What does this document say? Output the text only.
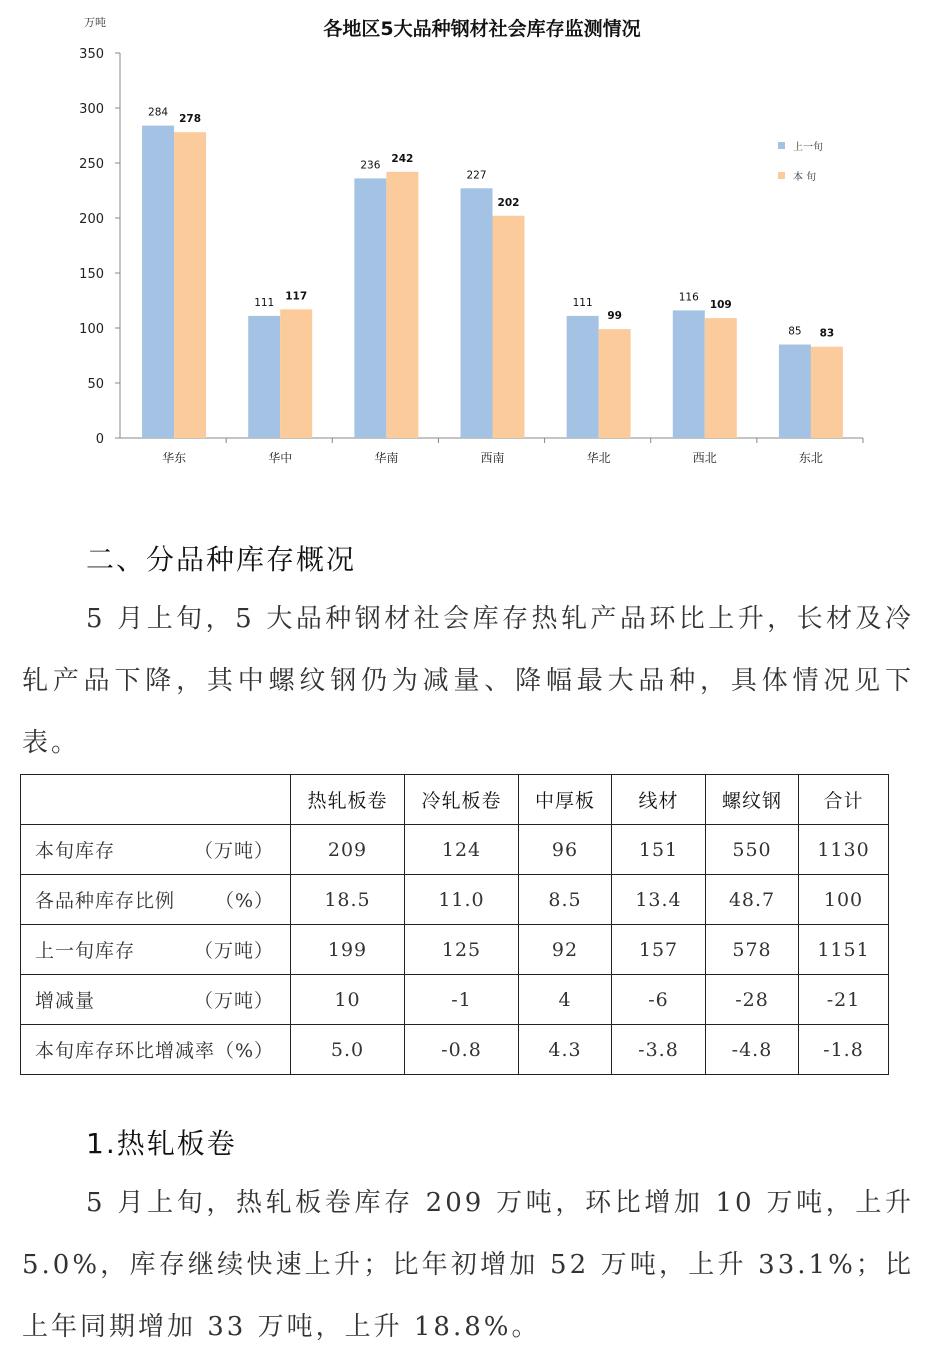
各地区5大品种钢材社会库存监测情况
万吨
0
50
100
150
200
250
300
350
284
278
华东
111
117
华中
236
242
华南
227
202
西南
111
99
华北
116
109
西北
85 83
东北
上一旬
本 旬
二、分品种库存概况
5 月上旬，5 大品种钢材社会库存热轧产品环比上升，长材及冷轧产品下降，其中螺纹钢仍为减量、降幅最大品种，具体情况见下表。
	热轧板卷	冷轧板卷	中厚板	线材	螺纹钢	合计
本旬库存 （万吨）	209	124	96	151	550	1130
各品种库存比例 （%）	18.5	11.0	8.5	13.4	48.7	100
上一旬库存 （万吨）	199	125	92	157	578	1151
增减量 （万吨）	10	-1	4	-6	-28	-21
本旬库存环比增减率（%）	5.0	-0.8	4.3	-3.8	-4.8	-1.8
1.热轧板卷
5 月上旬，热轧板卷库存 209 万吨，环比增加 10 万吨，上升 5.0%，库存继续快速上升；比年初增加 52 万吨，上升 33.1%；比上年同期增加 33 万吨，上升 18.8%。
